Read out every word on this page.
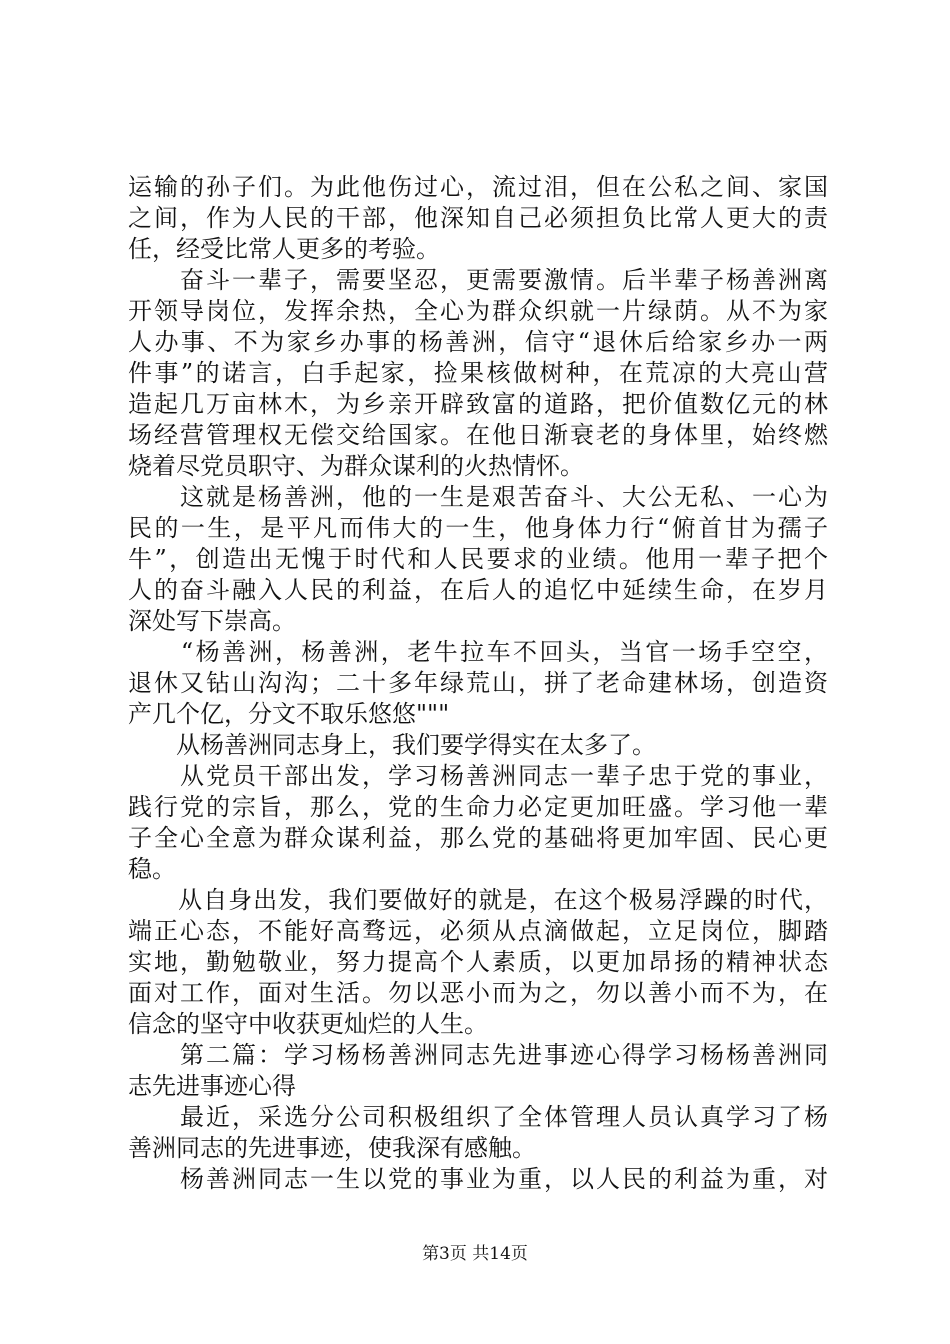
运输的孙子们。为此他伤过心，流过泪，但在公私之间、家国
之间，作为人民的干部，他深知自己必须担负比常人更大的责
任，经受比常人更多的考验。
　　奋斗一辈子，需要坚忍，更需要激情。后半辈子杨善洲离
开领导岗位，发挥余热，全心为群众织就一片绿荫。从不为家
人办事、不为家乡办事的杨善洲，信守“退休后给家乡办一两
件事”的诺言，白手起家，捡果核做树种，在荒凉的大亮山营
造起几万亩林木，为乡亲开辟致富的道路，把价值数亿元的林
场经营管理权无偿交给国家。在他日渐衰老的身体里，始终燃
烧着尽党员职守、为群众谋利的火热情怀。
　　这就是杨善洲，他的一生是艰苦奋斗、大公无私、一心为
民的一生，是平凡而伟大的一生，他身体力行“俯首甘为孺子
牛”，创造出无愧于时代和人民要求的业绩。他用一辈子把个
人的奋斗融入人民的利益，在后人的追忆中延续生命，在岁月
深处写下崇高。
　　“杨善洲，杨善洲，老牛拉车不回头，当官一场手空空，
退休又钻山沟沟；二十多年绿荒山，拼了老命建林场，创造资
产几个亿，分文不取乐悠悠"""
　　从杨善洲同志身上，我们要学得实在太多了。
　　从党员干部出发，学习杨善洲同志一辈子忠于党的事业，
践行党的宗旨，那么，党的生命力必定更加旺盛。学习他一辈
子全心全意为群众谋利益，那么党的基础将更加牢固、民心更
稳。
　　从自身出发，我们要做好的就是，在这个极易浮躁的时代，
端正心态，不能好高骛远，必须从点滴做起，立足岗位，脚踏
实地，勤勉敬业，努力提高个人素质，以更加昂扬的精神状态
面对工作，面对生活。勿以恶小而为之，勿以善小而不为，在
信念的坚守中收获更灿烂的人生。
　　第二篇：学习杨杨善洲同志先进事迹心得学习杨杨善洲同
志先进事迹心得
　　最近，采选分公司积极组织了全体管理人员认真学习了杨
善洲同志的先进事迹，使我深有感触。
　　杨善洲同志一生以党的事业为重，以人民的利益为重，对
第3页 共14页
